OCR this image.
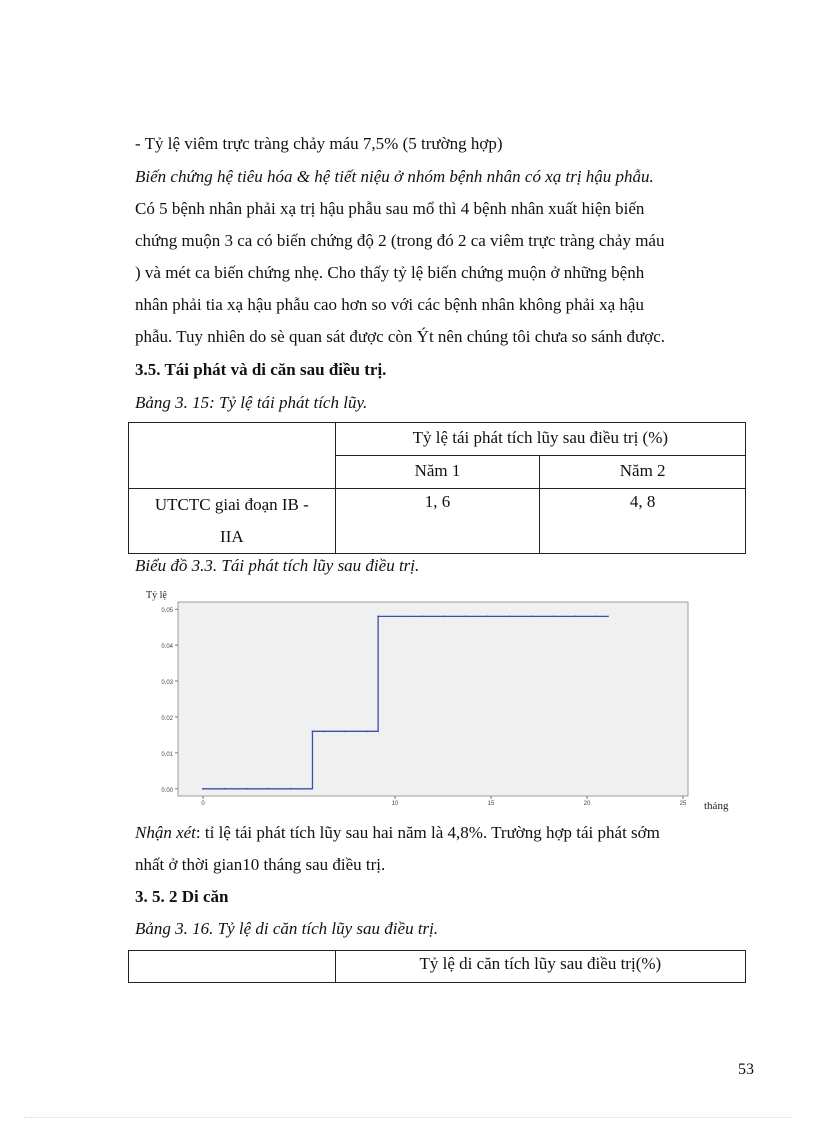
- Tỷ lệ viêm trực tràng chảy máu 7,5% (5 trường hợp)
Biến chứng hệ tiêu hóa & hệ tiết niệu ở nhóm bệnh nhân có xạ trị hậu phẫu.
Có 5 bệnh nhân phải xạ trị hậu phẫu sau mổ thì 4 bệnh nhân xuất hiện biến
chứng muộn 3 ca có biến chứng độ 2 (trong đó 2 ca viêm trực tràng chảy máu
) và mét ca biến chứng nhẹ. Cho thấy tỷ lệ biến chứng muộn ở những bệnh
nhân phải tia xạ hậu phẫu cao hơn so với các bệnh nhân không phải xạ hậu
phẫu. Tuy nhiên do sè quan sát được còn Ýt nên chúng tôi chưa so sánh được.
3.5. Tái phát và di căn sau điều trị.
Bảng 3. 15: Tỷ lệ tái phát tích lũy.
	Tỷ lệ tái phát tích lũy sau điều trị (%)	
	Năm 1	Năm 2
UTCTC giai đoạn IB -
IIA	1, 6	4, 8
Biểu đồ 3.3. Tái phát tích lũy sau điều trị.
Tỷ lệ
0.00
0.01
0.02
0.03
0.04
0.05
0	10	15	20	25 tháng
Nhận xét: tỉ lệ tái phát tích lũy sau hai năm là 4,8%. Trường hợp tái phát sớm
nhất ở thời gian10 tháng sau điều trị.
3. 5. 2 Di căn
Bảng 3. 16. Tỷ lệ di căn tích lũy sau điều trị.
	Tỷ lệ di căn tích lũy sau điều trị(%)
53
